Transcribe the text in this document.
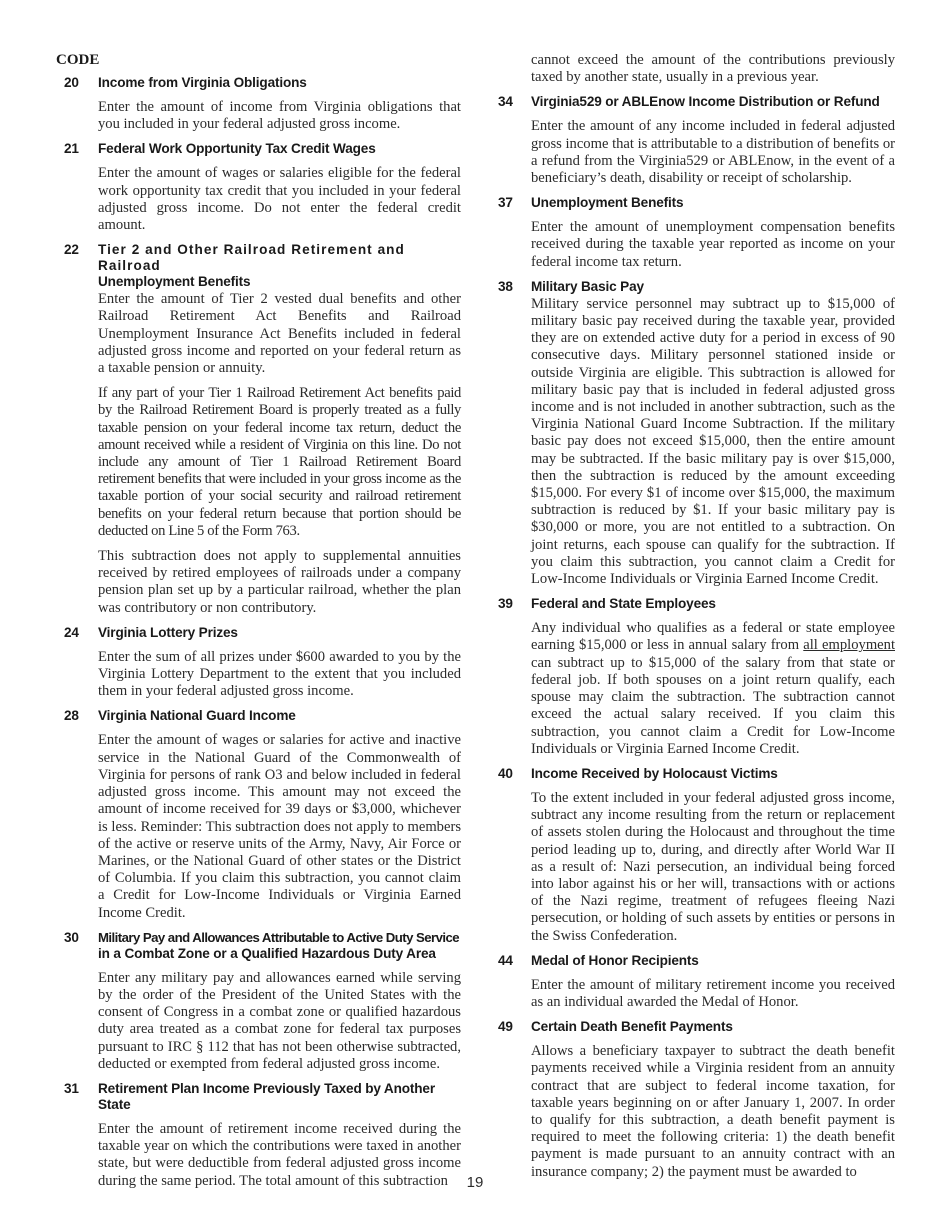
CODE
20	Income from Virginia Obligations

Enter the amount of income from Virginia obligations that you included in your federal adjusted gross income.

21	Federal Work Opportunity Tax Credit Wages

Enter the amount of wages or salaries eligible for the federal work opportunity tax credit that you included in your federal adjusted gross income. Do not enter the federal credit amount.

22	Tier 2 and Other Railroad Retirement and Railroad
Unemployment Benefits

Enter the amount of Tier 2 vested dual benefits and other Railroad Retirement Act Benefits and Railroad Unemployment Insurance Act Benefits included in federal adjusted gross income and reported on your federal return as a taxable pension or annuity.

If any part of your Tier 1 Railroad Retirement Act benefits paid by the Railroad Retirement Board is properly treated as a fully taxable pension on your federal income tax return, deduct the amount received while a resident of Virginia on this line. Do not include any amount of Tier 1 Railroad Retirement Board retirement benefits that were included in your gross income as the taxable portion of your social security and railroad retirement benefits on your federal return because that portion should be deducted on Line 5 of the Form 763.

This subtraction does not apply to supplemental annuities received by retired employees of railroads under a company pension plan set up by a particular railroad, whether the plan was contributory or non contributory.

24	Virginia Lottery Prizes

Enter the sum of all prizes under $600 awarded to you by the Virginia Lottery Department to the extent that you included them in your federal adjusted gross income.

28	Virginia National Guard Income

Enter the amount of wages or salaries for active and inactive service in the National Guard of the Commonwealth of Virginia for persons of rank O3 and below included in federal adjusted gross income. This amount may not exceed the amount of income received for 39 days or $3,000, whichever is less. Reminder: This subtraction does not apply to members of the active or reserve units of the Army, Navy, Air Force or Marines, or the National Guard of other states or the District of Columbia. If you claim this subtraction, you cannot claim a Credit for Low-Income Individuals or Virginia Earned Income Credit.

30	Military Pay and Allowances Attributable to Active Duty Service
in a Combat Zone or a Qualified Hazardous Duty Area

Enter any military pay and allowances earned while serving by the order of the President of the United States with the consent of Congress in a combat zone or qualified hazardous duty area treated as a combat zone for federal tax purposes pursuant to IRC § 112 that has not been otherwise subtracted, deducted or exempted from federal adjusted gross income.

31	Retirement Plan Income Previously Taxed by Another State

Enter the amount of retirement income received during the taxable year on which the contributions were taxed in another state, but were deductible from federal adjusted gross income during the same period. The total amount of this subtraction

cannot exceed the amount of the contributions previously taxed by another state, usually in a previous year.

34	Virginia529 or ABLEnow Income Distribution or Refund

Enter the amount of any income included in federal adjusted gross income that is attributable to a distribution of benefits or a refund from the Virginia529 or ABLEnow, in the event of a beneficiary’s death, disability or receipt of scholarship.

37	Unemployment Benefits

Enter the amount of unemployment compensation benefits received during the taxable year reported as income on your federal income tax return.

38	Military Basic Pay

Military service personnel may subtract up to $15,000 of military basic pay received during the taxable year, provided they are on extended active duty for a period in excess of 90 consecutive days. Military personnel stationed inside or outside Virginia are eligible. This subtraction is allowed for military basic pay that is included in federal adjusted gross income and is not included in another subtraction, such as the Virginia National Guard Income Subtraction. If the military basic pay does not exceed $15,000, then the entire amount may be subtracted. If the basic military pay is over $15,000, then the subtraction is reduced by the amount exceeding $15,000. For every $1 of income over $15,000, the maximum subtraction is reduced by $1. If your basic military pay is $30,000 or more, you are not entitled to a subtraction. On joint returns, each spouse can qualify for the subtraction. If you claim this subtraction, you cannot claim a Credit for Low-Income Individuals or Virginia Earned Income Credit.

39	Federal and State Employees

Any individual who qualifies as a federal or state employee earning $15,000 or less in annual salary from all employment can subtract up to $15,000 of the salary from that state or federal job. If both spouses on a joint return qualify, each spouse may claim the subtraction. The subtraction cannot exceed the actual salary received. If you claim this subtraction, you cannot claim a Credit for Low-Income Individuals or Virginia Earned Income Credit.

40	Income Received by Holocaust Victims

To the extent included in your federal adjusted gross income, subtract any income resulting from the return or replacement of assets stolen during the Holocaust and throughout the time period leading up to, during, and directly after World War II as a result of: Nazi persecution, an individual being forced into labor against his or her will, transactions with or actions of the Nazi regime, treatment of refugees fleeing Nazi persecution, or holding of such assets by entities or persons in the Swiss Confederation.

44	Medal of Honor Recipients

Enter the amount of military retirement income you received as an individual awarded the Medal of Honor.

49	Certain Death Benefit Payments

Allows a beneficiary taxpayer to subtract the death benefit payments received while a Virginia resident from an annuity contract that are subject to federal income taxation, for taxable years beginning on or after January 1, 2007. In order to qualify for this subtraction, a death benefit payment is required to meet the following criteria: 1) the death benefit payment is made pursuant to an annuity contract with an insurance company; 2) the payment must be awarded to

19
